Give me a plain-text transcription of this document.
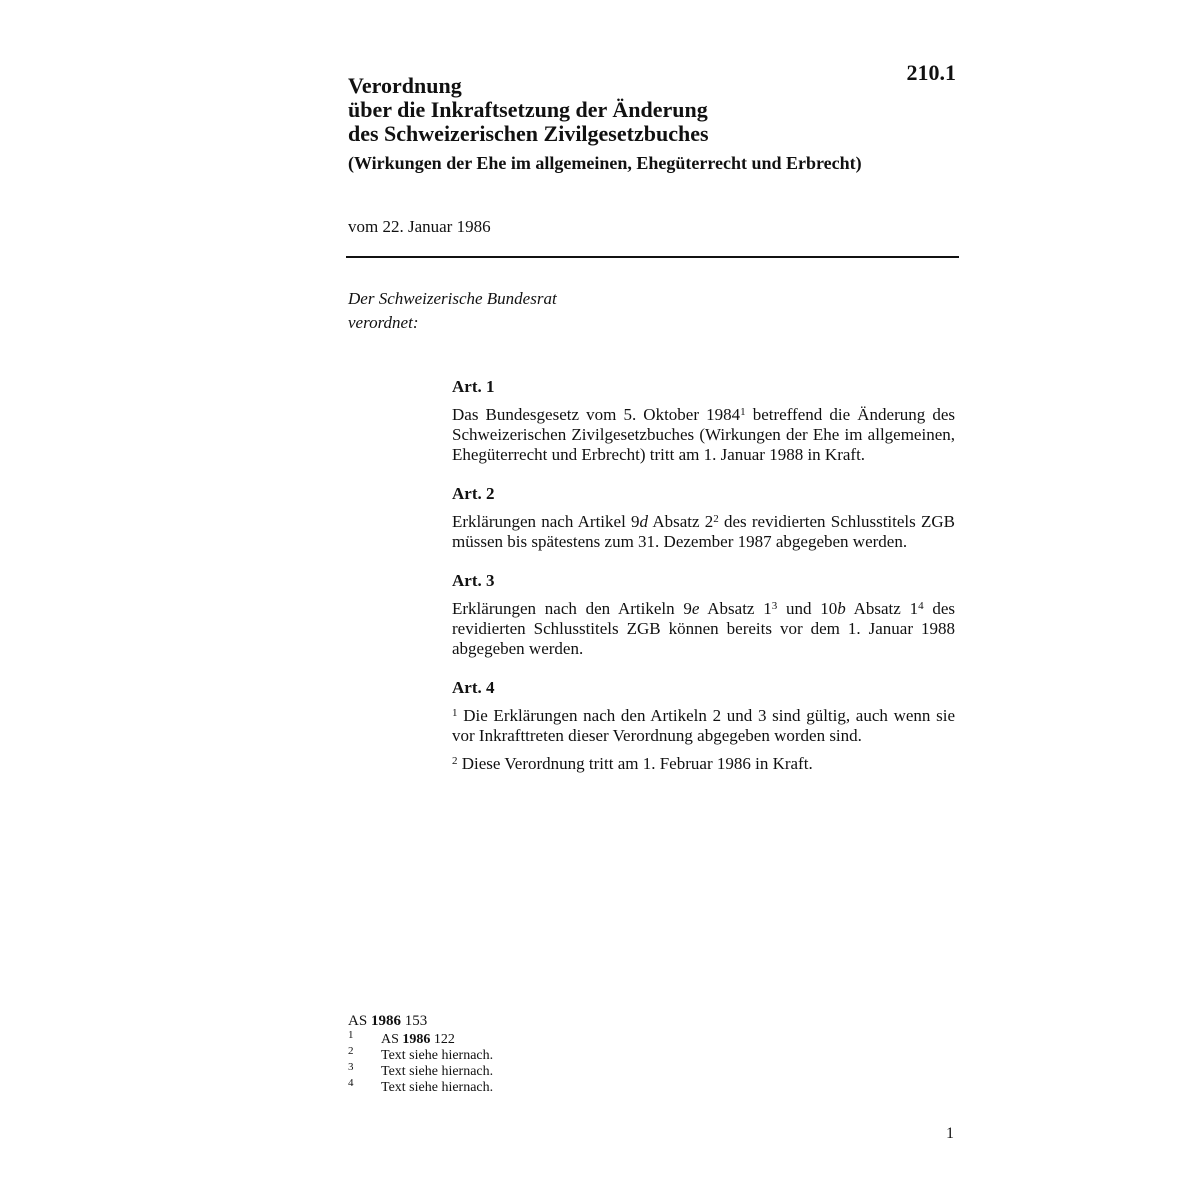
210.1
Verordnung
über die Inkraftsetzung der Änderung
des Schweizerischen Zivilgesetzbuches
(Wirkungen der Ehe im allgemeinen, Ehegüterrecht und Erbrecht)
vom 22. Januar 1986
Der Schweizerische Bundesrat
verordnet:
Art. 1

Das Bundesgesetz vom 5. Oktober 1984$^1$ betreffend die Änderung des Schweizerischen Zivilgesetzbuches (Wirkungen der Ehe im allgemeinen, Ehegüterrecht und Erbrecht) tritt am 1. Januar 1988 in Kraft.

Art. 2

Erklärungen nach Artikel 9d Absatz $2^2$ des revidierten Schlusstitels ZGB müssen bis spätestens zum 31. Dezember 1987 abgegeben werden.

Art. 3

Erklärungen nach den Artikeln 9e Absatz $1^3$ und 10b Absatz $1^4$ des revidierten Schlusstitels ZGB können bereits vor dem 1. Januar 1988 abgegeben werden.

Art. 4

$^1$ Die Erklärungen nach den Artikeln 2 und 3 sind gültig, auch wenn sie vor Inkrafttreten dieser Verordnung abgegeben worden sind.

$^2$ Diese Verordnung tritt am 1. Februar 1986 in Kraft.

AS 1986 153
1 AS 1986 122
2 Text siehe hiernach.
3 Text siehe hiernach.
4 Text siehe hiernach.
1
